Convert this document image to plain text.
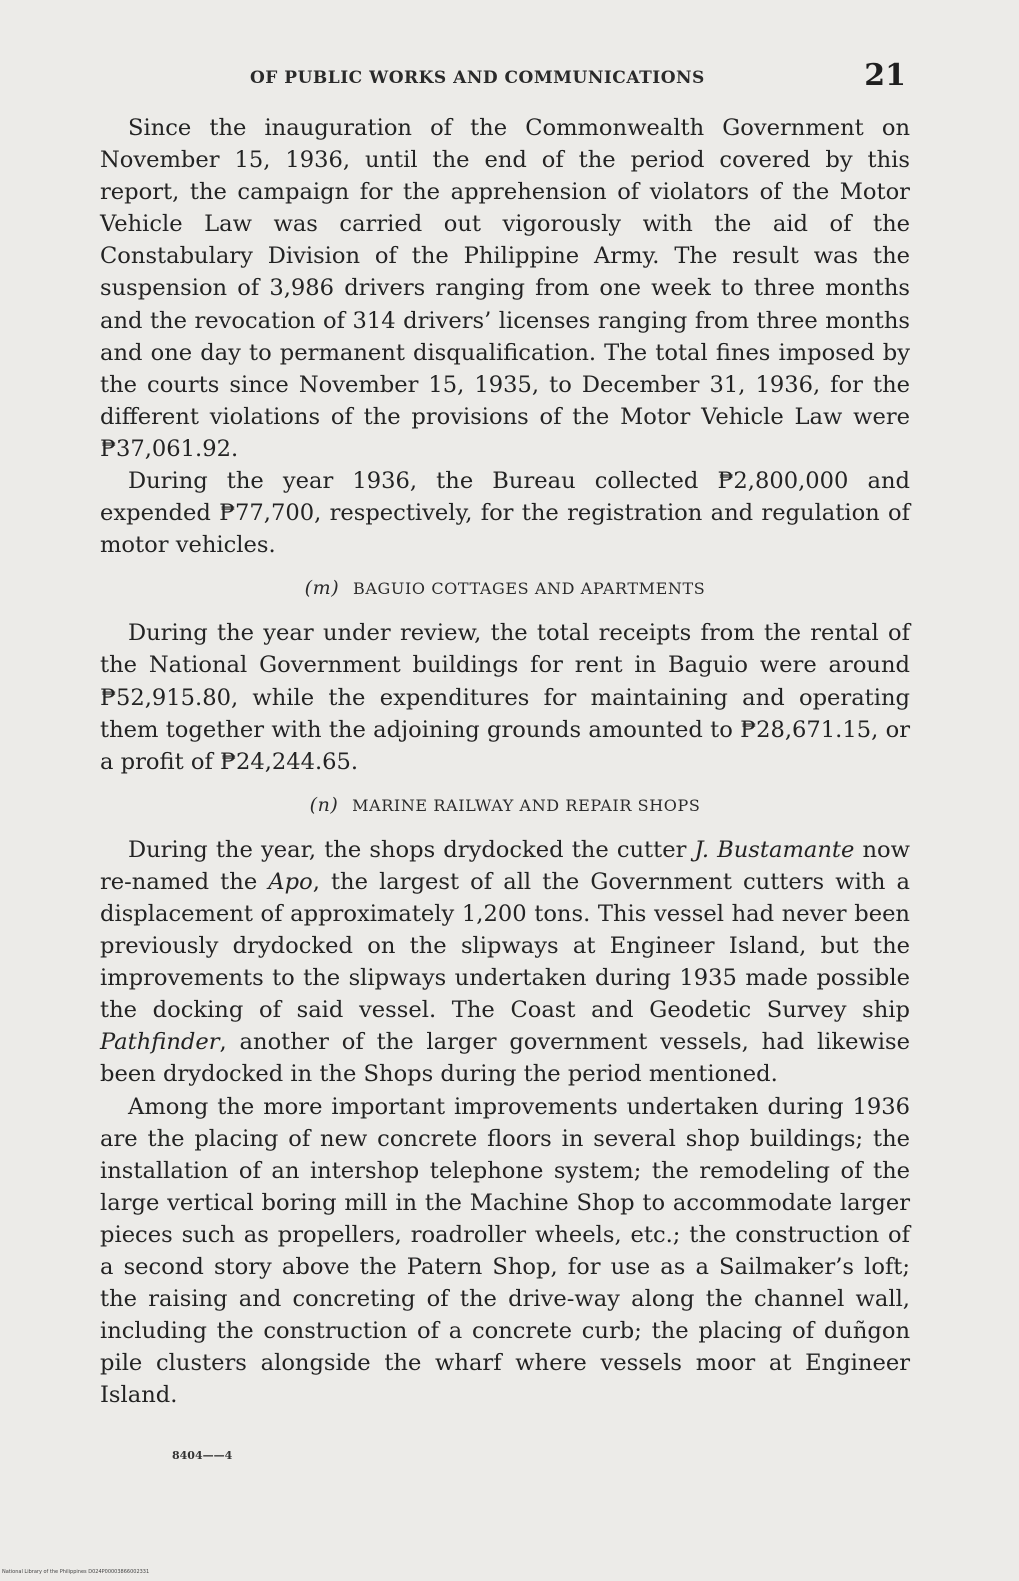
OF PUBLIC WORKS AND COMMUNICATIONS	21

Since the inauguration of the Commonwealth Government on November 15, 1936, until the end of the period covered by this report, the campaign for the apprehension of violators of the Motor Vehicle Law was carried out vigorously with the aid of the Constabulary Division of the Philippine Army. The result was the suspension of 3,986 drivers ranging from one week to three months and the revocation of 314 drivers’ licenses ranging from three months and one day to permanent disqualification. The total fines imposed by the courts since November 15, 1935, to December 31, 1936, for the different violations of the provisions of the Motor Vehicle Law were ₱37,061.92.

During the year 1936, the Bureau collected ₱2,800,000 and expended ₱77,700, respectively, for the registration and regulation of motor vehicles.

(m) BAGUIO COTTAGES AND APARTMENTS

During the year under review, the total receipts from the rental of the National Government buildings for rent in Baguio were around ₱52,915.80, while the expenditures for maintaining and operating them together with the adjoining grounds amounted to ₱28,671.15, or a profit of ₱24,244.65.

(n) MARINE RAILWAY AND REPAIR SHOPS

During the year, the shops drydocked the cutter J. Bustamante now re-named the Apo, the largest of all the Government cutters with a displacement of approximately 1,200 tons. This vessel had never been previously drydocked on the slipways at Engineer Island, but the improvements to the slipways undertaken during 1935 made possible the docking of said vessel. The Coast and Geodetic Survey ship Pathfinder, another of the larger government vessels, had likewise been drydocked in the Shops during the period mentioned.

Among the more important improvements undertaken during 1936 are the placing of new concrete floors in several shop buildings; the installation of an intershop telephone system; the remodeling of the large vertical boring mill in the Machine Shop to accommodate larger pieces such as propellers, roadroller wheels, etc.; the construction of a second story above the Patern Shop, for use as a Sailmaker’s loft; the raising and concreting of the drive-way along the channel wall, including the construction of a concrete curb; the placing of duñgon pile clusters alongside the wharf where vessels moor at Engineer Island.

8404——4
National Library of the Philippines D024P00003866002331
